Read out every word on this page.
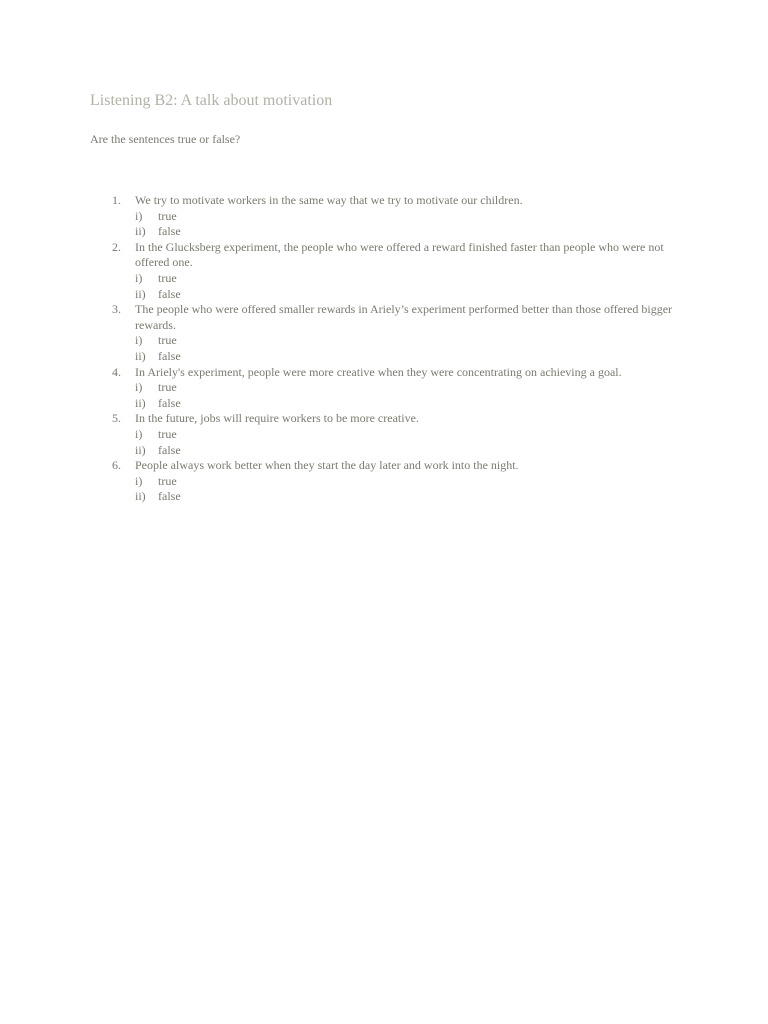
Listening B2: A talk about motivation
Are the sentences true or false?
1.	We try to motivate workers in the same way that we try to motivate our children.
i)	true
ii)	false
2.	In the Glucksberg experiment, the people who were offered a reward finished faster than people who were not offered one.
i)	true
ii)	false
3.	The people who were offered smaller rewards in Ariely’s experiment performed better than those offered bigger rewards.
i)	true
ii)	false
4.	In Ariely's experiment, people were more creative when they were concentrating on achieving a goal.
i)	true
ii)	false
5.	In the future, jobs will require workers to be more creative.
i)	true
ii)	false
6.	People always work better when they start the day later and work into the night.
i)	true
ii)	false
